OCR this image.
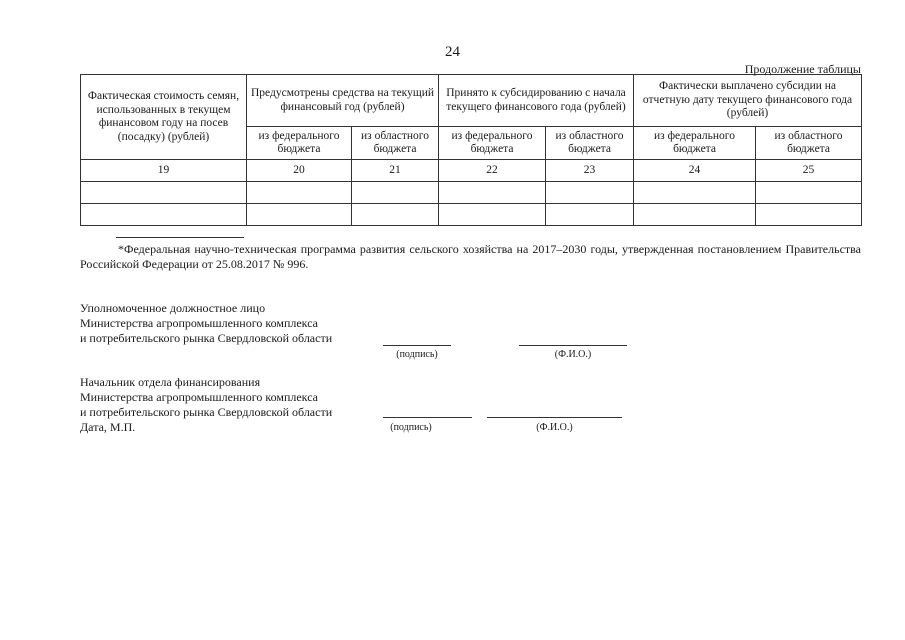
24
Продолжение таблицы
Фактическая стоимость семян, использованных в текущем финансовом году на посев (посадку) (рублей)	Предусмотрены средства на текущий финансовый год (рублей)		Принято к субсидированию с начала текущего финансового года (рублей)		Фактически выплачено субсидии на отчетную дату текущего финансового года (рублей)	
	из федерального бюджета	из областного бюджета	из федерального бюджета	из областного бюджета	из федерального бюджета	из областного бюджета
19	20	21	22	23	24	25

*Федеральная научно-техническая программа развития сельского хозяйства на 2017–2030 годы, утвержденная постановлением Правительства Российской Федерации от 25.08.2017 № 996.
Уполномоченное должностное лицо
Министерства агропромышленного комплекса
и потребительского рынка Свердловской области
(подпись)	(Ф.И.О.)
Начальник отдела финансирования
Министерства агропромышленного комплекса
и потребительского рынка Свердловской области
Дата, М.П.	(подпись)	(Ф.И.О.)
